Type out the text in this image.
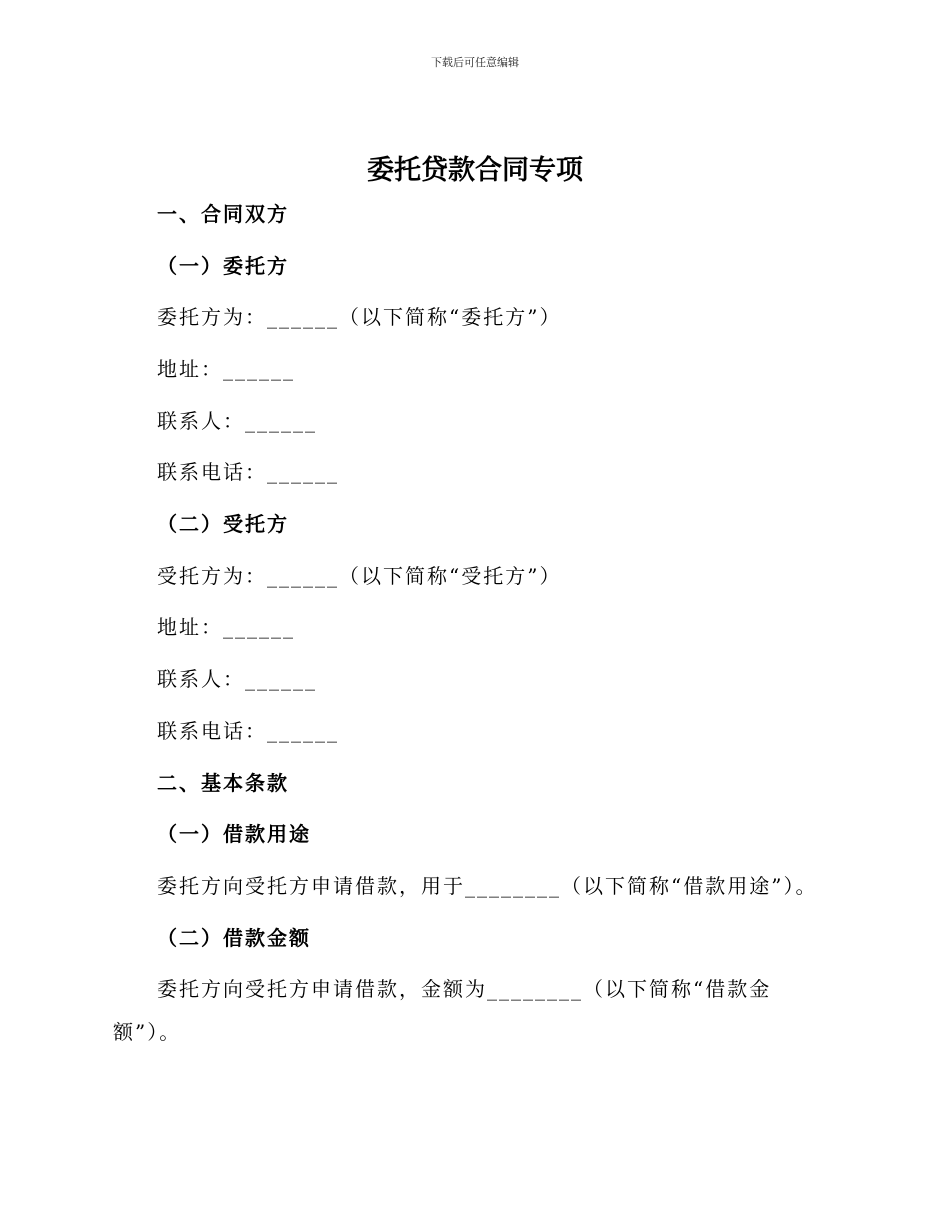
下载后可任意编辑
委托贷款合同专项
一、合同双方
（一）委托方
委托方为：______（以下简称“委托方”）
地址：______
联系人：______
联系电话：______
（二）受托方
受托方为：______（以下简称“受托方”）
地址：______
联系人：______
联系电话：______
二、基本条款
（一）借款用途
委托方向受托方申请借款，用于________（以下简称“借款用途”）。
（二）借款金额
委托方向受托方申请借款，金额为________（以下简称“借款金
额”）。
